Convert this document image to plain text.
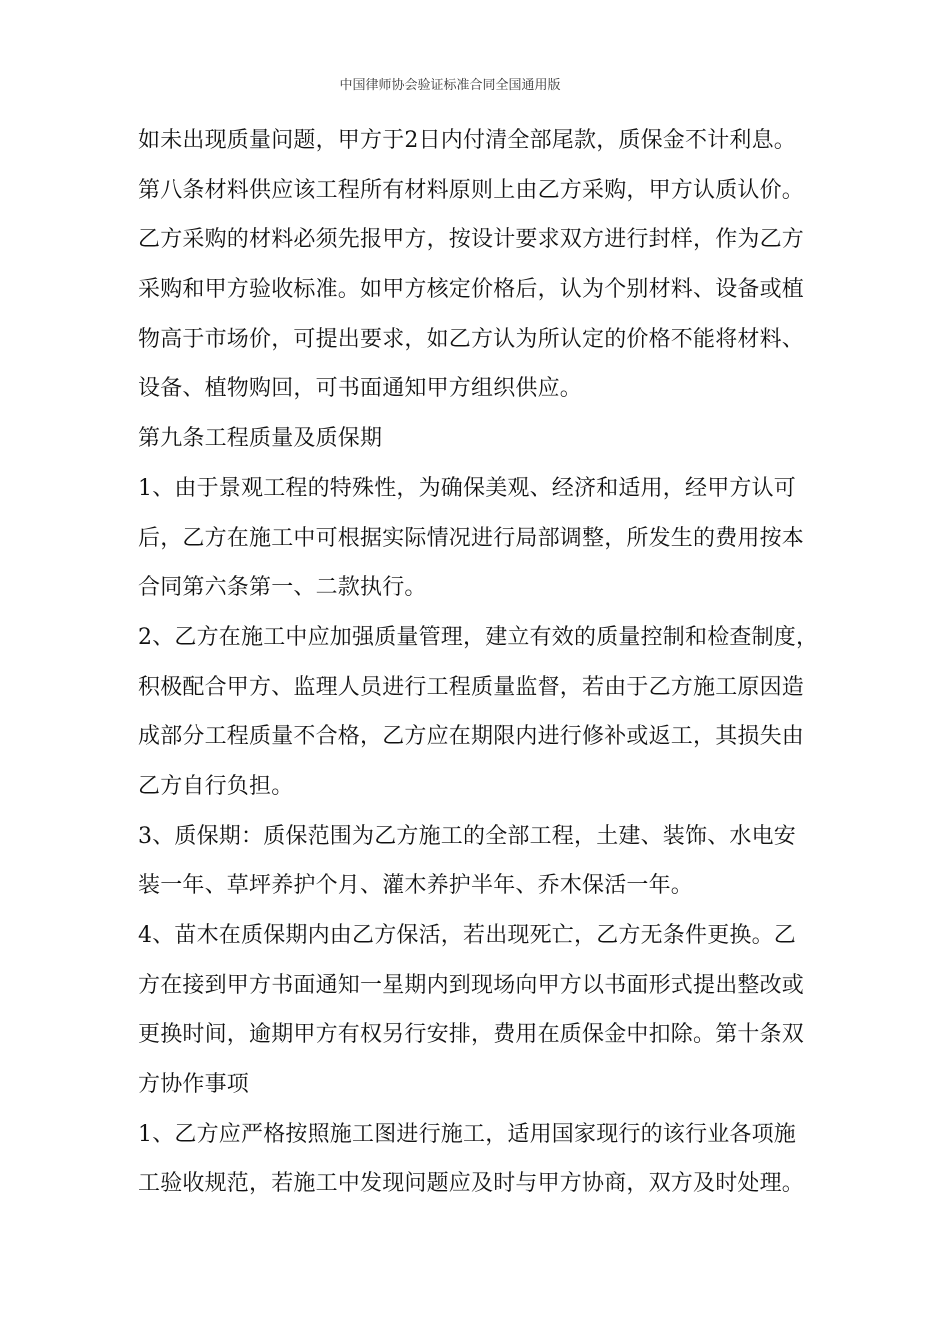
中国律师协会验证标准合同全国通用版
如未出现质量问题，甲方于2日内付清全部尾款，质保金不计利息。
第八条材料供应该工程所有材料原则上由乙方采购，甲方认质认价。
乙方采购的材料必须先报甲方，按设计要求双方进行封样，作为乙方
采购和甲方验收标准。如甲方核定价格后，认为个别材料、设备或植
物高于市场价，可提出要求，如乙方认为所认定的价格不能将材料、
设备、植物购回，可书面通知甲方组织供应。
第九条工程质量及质保期
1、由于景观工程的特殊性，为确保美观、经济和适用，经甲方认可
后，乙方在施工中可根据实际情况进行局部调整，所发生的费用按本
合同第六条第一、二款执行。
2、乙方在施工中应加强质量管理，建立有效的质量控制和检查制度，
积极配合甲方、监理人员进行工程质量监督，若由于乙方施工原因造
成部分工程质量不合格，乙方应在期限内进行修补或返工，其损失由
乙方自行负担。
3、质保期：质保范围为乙方施工的全部工程，土建、装饰、水电安
装一年、草坪养护个月、灌木养护半年、乔木保活一年。
4、苗木在质保期内由乙方保活，若出现死亡，乙方无条件更换。乙
方在接到甲方书面通知一星期内到现场向甲方以书面形式提出整改或
更换时间，逾期甲方有权另行安排，费用在质保金中扣除。第十条双
方协作事项
1、乙方应严格按照施工图进行施工，适用国家现行的该行业各项施
工验收规范，若施工中发现问题应及时与甲方协商，双方及时处理。
